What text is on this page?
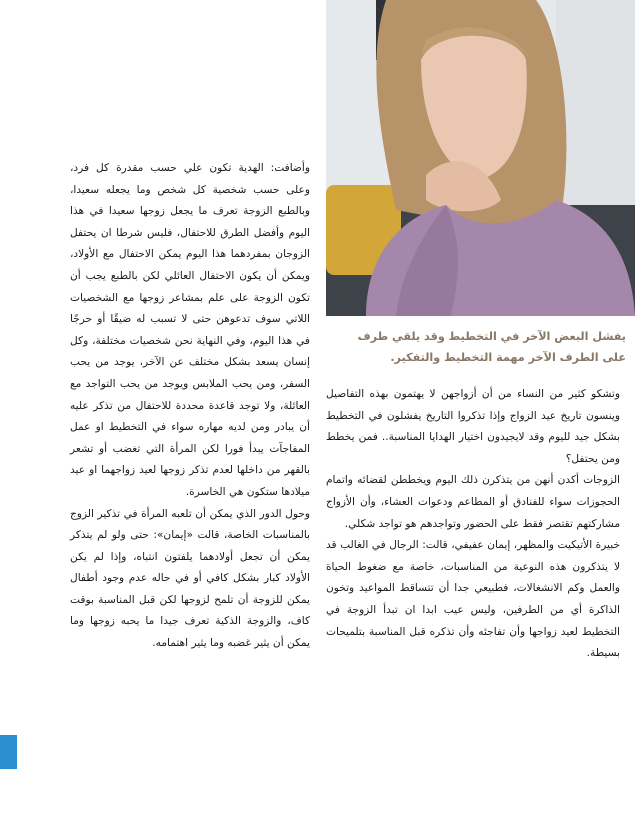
يفشل البعض الآخر في التخطيط وقد يلقي طرف
على الطرف الآخر مهمة التخطيط والتفكير.

وتشكو كثير من النساء من أن أزواجهن لا يهتمون بهذه التفاصيل وينسون تاريخ عيد الزواج وإذا تذكروا التاريخ يفشلون في التخطيط بشكل جيد لليوم وقد لايجيدون اختيار الهدايا المناسبة.. فمن يخطط ومن يحتفل؟

الزوجات أكدن أنهن من يتذكرن ذلك اليوم ويخططن لقضائه واتمام الحجوزات سواء للفنادق أو المطاعم ودعوات العشاء، وأن الأزواج مشاركتهم تقتصر فقط على الحضور وتواجدهم هو تواجد شكلي.

خبيرة الأتيكيت والمظهر، إيمان عفيفي، قالت: الرجال في الغالب قد لا يتذكرون هذه النوعية من المناسبات، خاصة مع ضغوط الحياة والعمل وكم الانشغالات، فطبيعي جدا أن تتساقط المواعيد وتخون الذاكرة أي من الطرفين، وليس عيب ابدا ان تبدأ الزوجة في التخطيط لعيد زواجها وأن تفاجئه وأن تذكره قبل المناسبة بتلميحات بسيطة.

وأضافت: الهدية تكون علي حسب مقدرة كل فرد، وعلى حسب شخصية كل شخص وما يجعله سعيدا، وبالطبع الزوجة تعرف ما يجعل زوجها سعيدا في هذا اليوم وأفضل الطرق للاحتفال، فليس شرطا ان يحتفل الزوجان بمفردهما هذا اليوم يمكن الاحتفال مع الأولاد، ويمكن أن يكون الاحتفال العائلي لكن بالطبع يجب أن تكون الزوجة على علم بمشاعر زوجها مع الشخصيات اللاتي سوف تدعوهن حتى لا تسبب له ضيقًا أو حرجًا في هذا اليوم، وفي النهاية نحن شخصيات مختلفة، وكل إنسان يسعد بشكل مختلف عن الآخر، يوجد من يحب السفر، ومن يحب الملابس ويوجد من يحب التواجد مع العائلة، ولا توجد قاعدة محددة للاحتفال من تذكر عليه أن يبادر ومن لديه مهاره سواء في التخطيط او عمل المفاجآت يبدأ فورا لكن المرأة التي تغضب أو تشعر بالقهر من داخلها لعدم تذكر زوجها لعيد زواجهما او عيد ميلادها ستكون هي الخاسرة.

وحول الدور الذي يمكن أن تلعبه المرأة في تذكير الزوج بالمناسبات الخاصة، قالت «إيمان»: حتى ولو لم يتذكر يمكن أن تجعل أولادهما يلفتون انتباه، وإذا لم يكن الأولاد كبار بشكل كافي أو في حاله عدم وجود أطفال يمكن للزوجة أن تلمح لزوجها لكن قبل المناسبة بوقت كاف، والزوجة الذكية تعرف جيدا ما يحبه زوجها وما يمكن أن يثير غضبه وما يثير اهتمامه.
